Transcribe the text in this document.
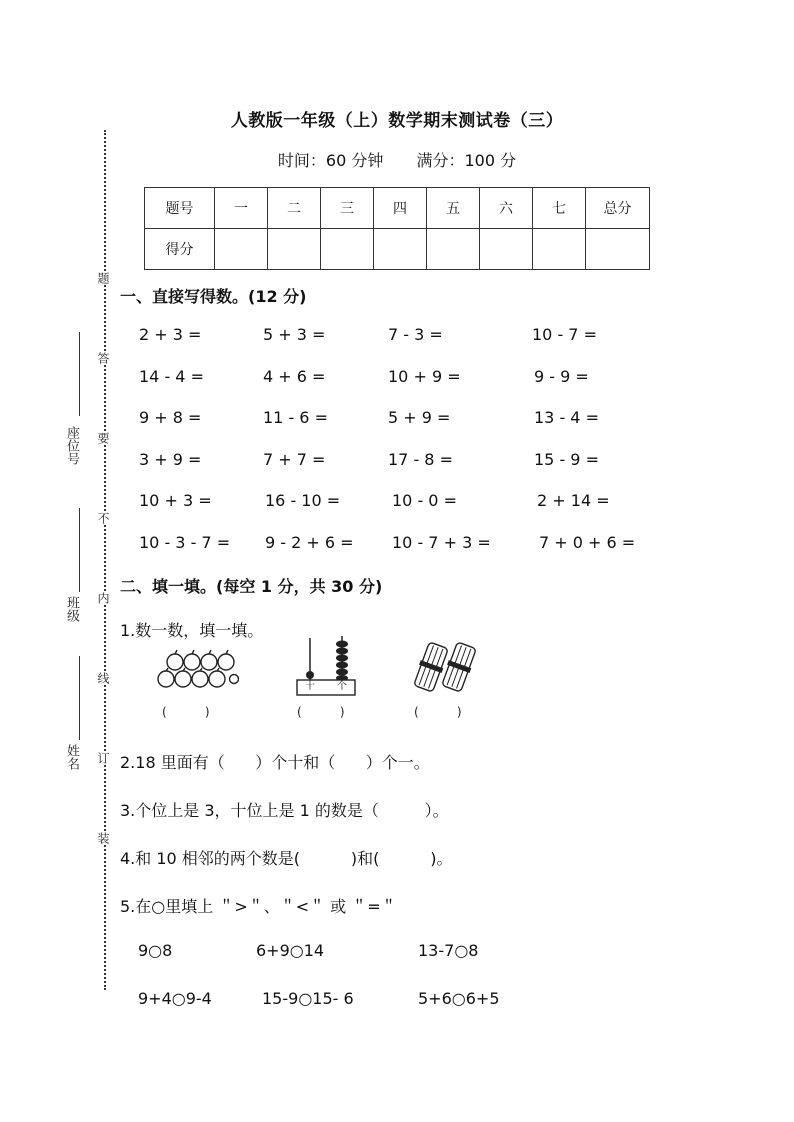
人教版一年级（上）数学期末测试卷（三）
时间：60 分钟 满分：100 分
题号	一	二	三	四	五	六	七	总分
得分								
题
答
要
不
内
线
订
装
座位号
班级
姓名
一、直接写得数。(12 分)
2 + 3 =	5 + 3 =	7 - 3 =	10 - 7 =
14 - 4 =	4 + 6 =	10 + 9 =	9 - 9 =
9 + 8 =	11 - 6 =	5 + 9 =	13 - 4 =
3 + 9 =	7 + 7 =	17 - 8 =	15 - 9 =
10 + 3 =	16 - 10 =	10 - 0 =	2 + 14 =
10 - 3 - 7 = 9 - 2 + 6 = 10 - 7 + 3 =	7 + 0 + 6 =
二、填一填。(每空 1 分，共 30 分)
1.数一数，填一填。
十 个
(          )	(          )	(          )
2.18 里面有（      ）个十和（      ）个一。
3.个位上是 3，十位上是 1 的数是（         ）。
4.和 10 相邻的两个数是(          )和(          )。
5.在○里填上 ＂>＂、＂<＂ 或 ＂=＂
9○8	6+9○14	13-7○8
9+4○9-4	15-9○15- 6	5+6○6+5
